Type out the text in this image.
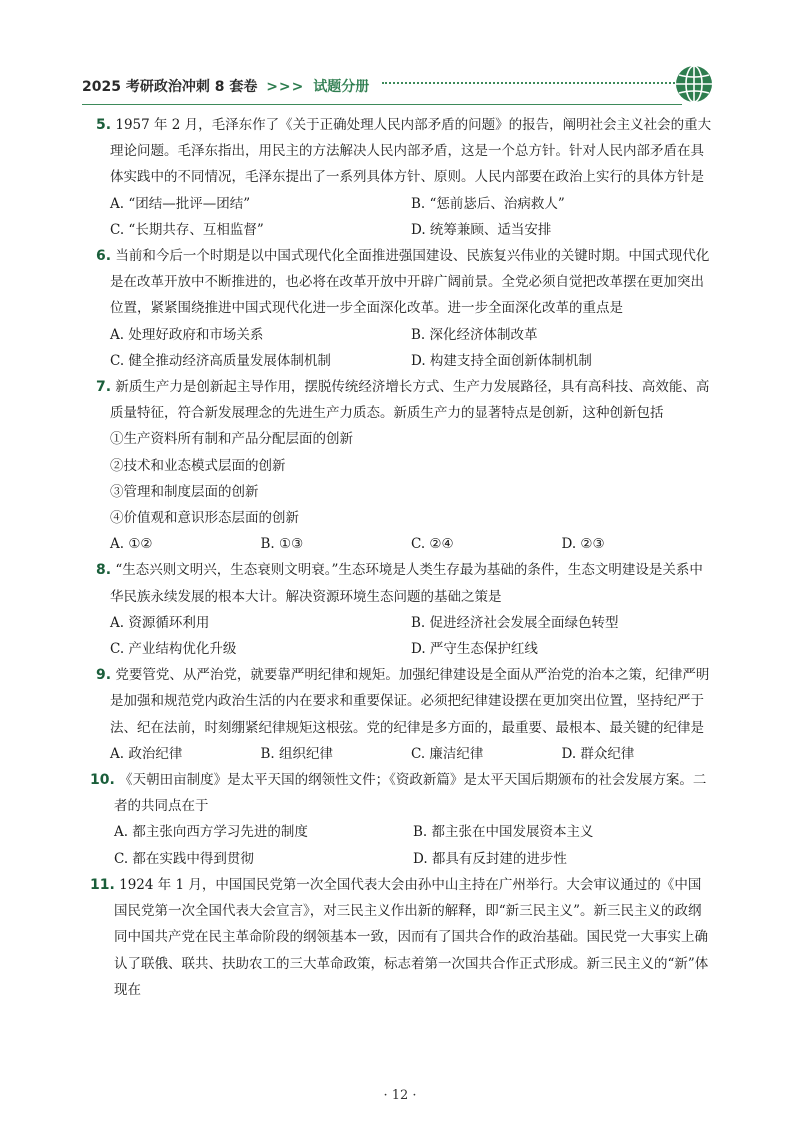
2025 考研政治冲刺 8 套卷 >>> 试题分册

5. 1957 年 2 月，毛泽东作了《关于正确处理人民内部矛盾的问题》的报告，阐明社会主义社会的重大理论问题。毛泽东指出，用民主的方法解决人民内部矛盾，这是一个总方针。针对人民内部矛盾在具体实践中的不同情况，毛泽东提出了一系列具体方针、原则。人民内部要在政治上实行的具体方针是

A. “团结—批评—团结”	B. “惩前毖后、治病救人”
C. “长期共存、互相监督”	D. 统筹兼顾、适当安排

6. 当前和今后一个时期是以中国式现代化全面推进强国建设、民族复兴伟业的关键时期。中国式现代化是在改革开放中不断推进的，也必将在改革开放中开辟广阔前景。全党必须自觉把改革摆在更加突出位置，紧紧围绕推进中国式现代化进一步全面深化改革。进一步全面深化改革的重点是

A. 处理好政府和市场关系	B. 深化经济体制改革
C. 健全推动经济高质量发展体制机制	D. 构建支持全面创新体制机制

7. 新质生产力是创新起主导作用，摆脱传统经济增长方式、生产力发展路径，具有高科技、高效能、高质量特征，符合新发展理念的先进生产力质态。新质生产力的显著特点是创新，这种创新包括

①生产资料所有制和产品分配层面的创新
②技术和业态模式层面的创新
③管理和制度层面的创新
④价值观和意识形态层面的创新
A. ①②	B. ①③	C. ②④	D. ②③

8. “生态兴则文明兴，生态衰则文明衰。”生态环境是人类生存最为基础的条件，生态文明建设是关系中华民族永续发展的根本大计。解决资源环境生态问题的基础之策是

A. 资源循环利用	B. 促进经济社会发展全面绿色转型
C. 产业结构优化升级	D. 严守生态保护红线

9. 党要管党、从严治党，就要靠严明纪律和规矩。加强纪律建设是全面从严治党的治本之策，纪律严明是加强和规范党内政治生活的内在要求和重要保证。必须把纪律建设摆在更加突出位置，坚持纪严于法、纪在法前，时刻绷紧纪律规矩这根弦。党的纪律是多方面的，最重要、最根本、最关键的纪律是

A. 政治纪律	B. 组织纪律	C. 廉洁纪律	D. 群众纪律

10. 《天朝田亩制度》是太平天国的纲领性文件；《资政新篇》是太平天国后期颁布的社会发展方案。二者的共同点在于

A. 都主张向西方学习先进的制度	B. 都主张在中国发展资本主义
C. 都在实践中得到贯彻	D. 都具有反封建的进步性

11. 1924 年 1 月，中国国民党第一次全国代表大会由孙中山主持在广州举行。大会审议通过的《中国国民党第一次全国代表大会宣言》，对三民主义作出新的解释，即“新三民主义”。新三民主义的政纲同中国共产党在民主革命阶段的纲领基本一致，因而有了国共合作的政治基础。国民党一大事实上确认了联俄、联共、扶助农工的三大革命政策，标志着第一次国共合作正式形成。新三民主义的“新”体现在

· 12 ·
